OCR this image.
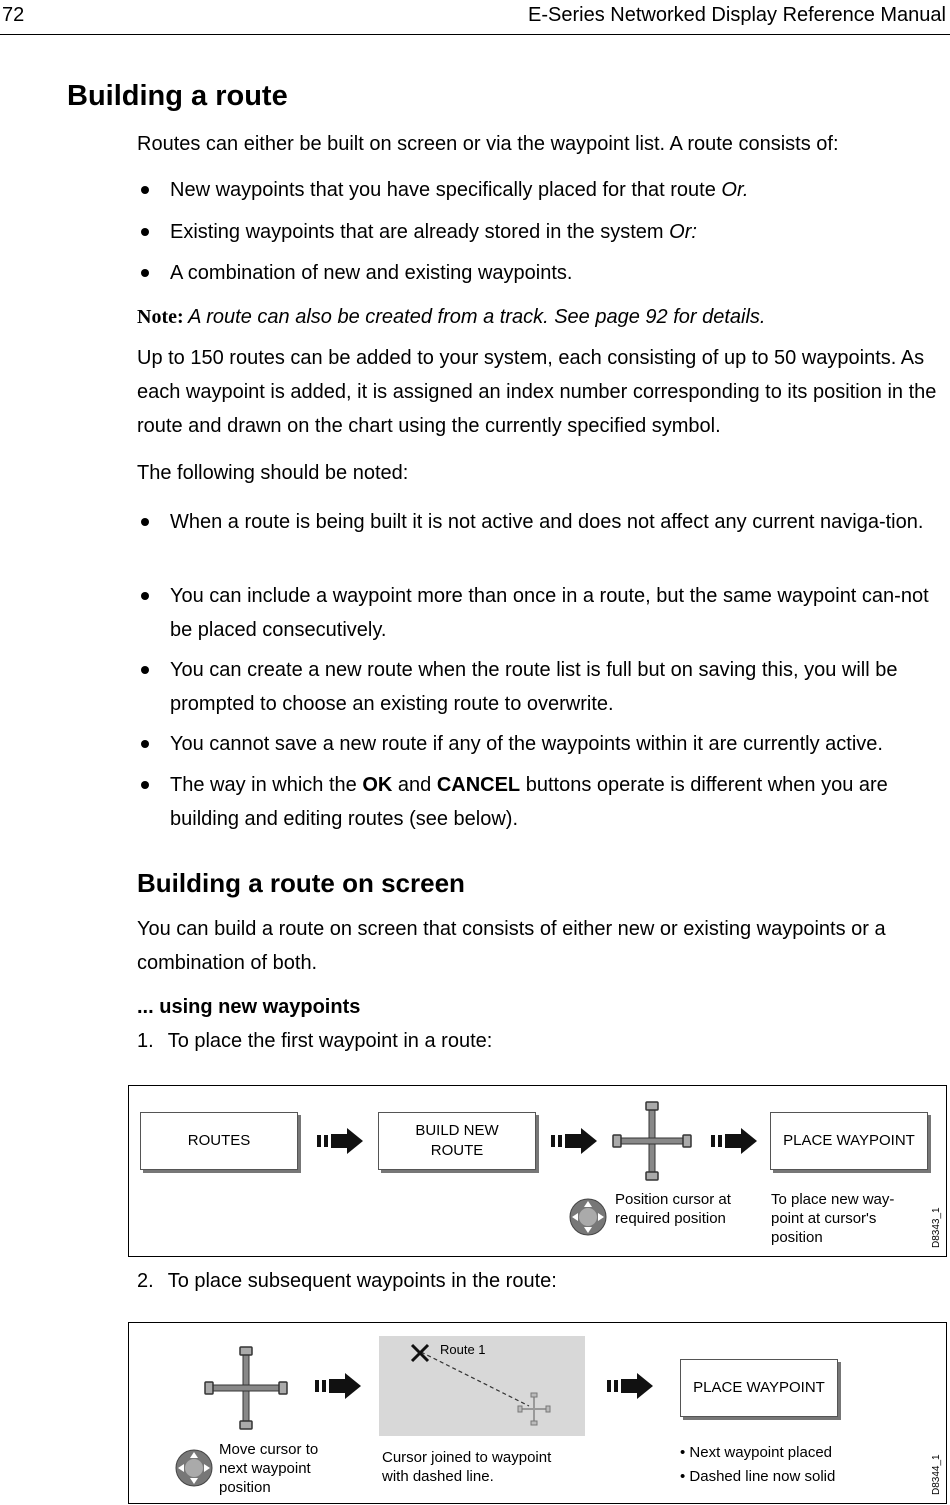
72	E-Series Networked Display Reference Manual
Building a route
Routes can either be built on screen or via the waypoint list. A route consists of:
New waypoints that you have specifically placed for that route Or.
Existing waypoints that are already stored in the system Or:
A combination of new and existing waypoints.
Note: A route can also be created from a track. See page 92 for details.
Up to 150 routes can be added to your system, each consisting of up to 50 waypoints. As each waypoint is added, it is assigned an index number corresponding to its position in the route and drawn on the chart using the currently specified symbol.
The following should be noted:
When a route is being built it is not active and does not affect any current naviga-tion.
You can include a waypoint more than once in a route, but the same waypoint can-not be placed consecutively.
You can create a new route when the route list is full but on saving this, you will be prompted to choose an existing route to overwrite.
You cannot save a new route if any of the waypoints within it are currently active.
The way in which the OK and CANCEL buttons operate is different when you are building and editing routes (see below).
Building a route on screen
You can build a route on screen that consists of either new or existing waypoints or a combination of both.
... using new waypoints
1. To place the first waypoint in a route:
ROUTES
BUILD NEW ROUTE
PLACE WAYPOINT
Position cursor at required position
To place new way-point at cursor's position	D8343_1
2. To place subsequent waypoints in the route:
Route 1
PLACE WAYPOINT
Move cursor to next waypoint position
Cursor joined to waypoint with dashed line.
• Next waypoint placed
• Dashed line now solid	D8344_1
